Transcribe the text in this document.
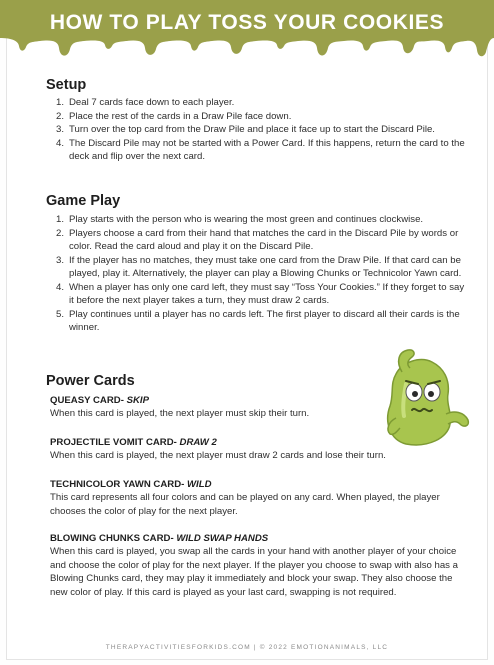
HOW TO PLAY TOSS YOUR COOKIES
Setup
1. Deal 7 cards face down to each player.
2. Place the rest of the cards in a Draw Pile face down.
3. Turn over the top card from the Draw Pile and place it face up to start the Discard Pile.
4. The Discard Pile may not be started with a Power Card. If this happens, return the card to the deck and flip over the next card.
Game Play
1. Play starts with the person who is wearing the most green and continues clockwise.
2. Players choose a card from their hand that matches the card in the Discard Pile by words or color. Read the card aloud and play it on the Discard Pile.
3. If the player has no matches, they must take one card from the Draw Pile. If that card can be played, play it. Alternatively, the player can play a Blowing Chunks or Technicolor Yawn card.
4. When a player has only one card left, they must say “Toss Your Cookies.” If they forget to say it before the next player takes a turn, they must draw 2 cards.
5. Play continues until a player has no cards left. The first player to discard all their cards is the winner.
Power Cards
QUEASY CARD- SKIP
When this card is played, the next player must skip their turn.
PROJECTILE VOMIT CARD- DRAW 2
When this card is played, the next player must draw 2 cards and lose their turn.
TECHNICOLOR YAWN CARD- WILD
This card represents all four colors and can be played on any card. When played, the player chooses the color of play for the next player.
BLOWING CHUNKS CARD- WILD SWAP HANDS
When this card is played, you swap all the cards in your hand with another player of your choice and choose the color of play for the next player. If the player you choose to swap with also has a Blowing Chunks card, they may play it immediately and block your swap. They also choose the new color of play. If this card is played as your last card, swapping is not required.
THERAPYACTIVITIESFORKIDS.COM | © 2022 EMOTIONANIMALS, LLC
